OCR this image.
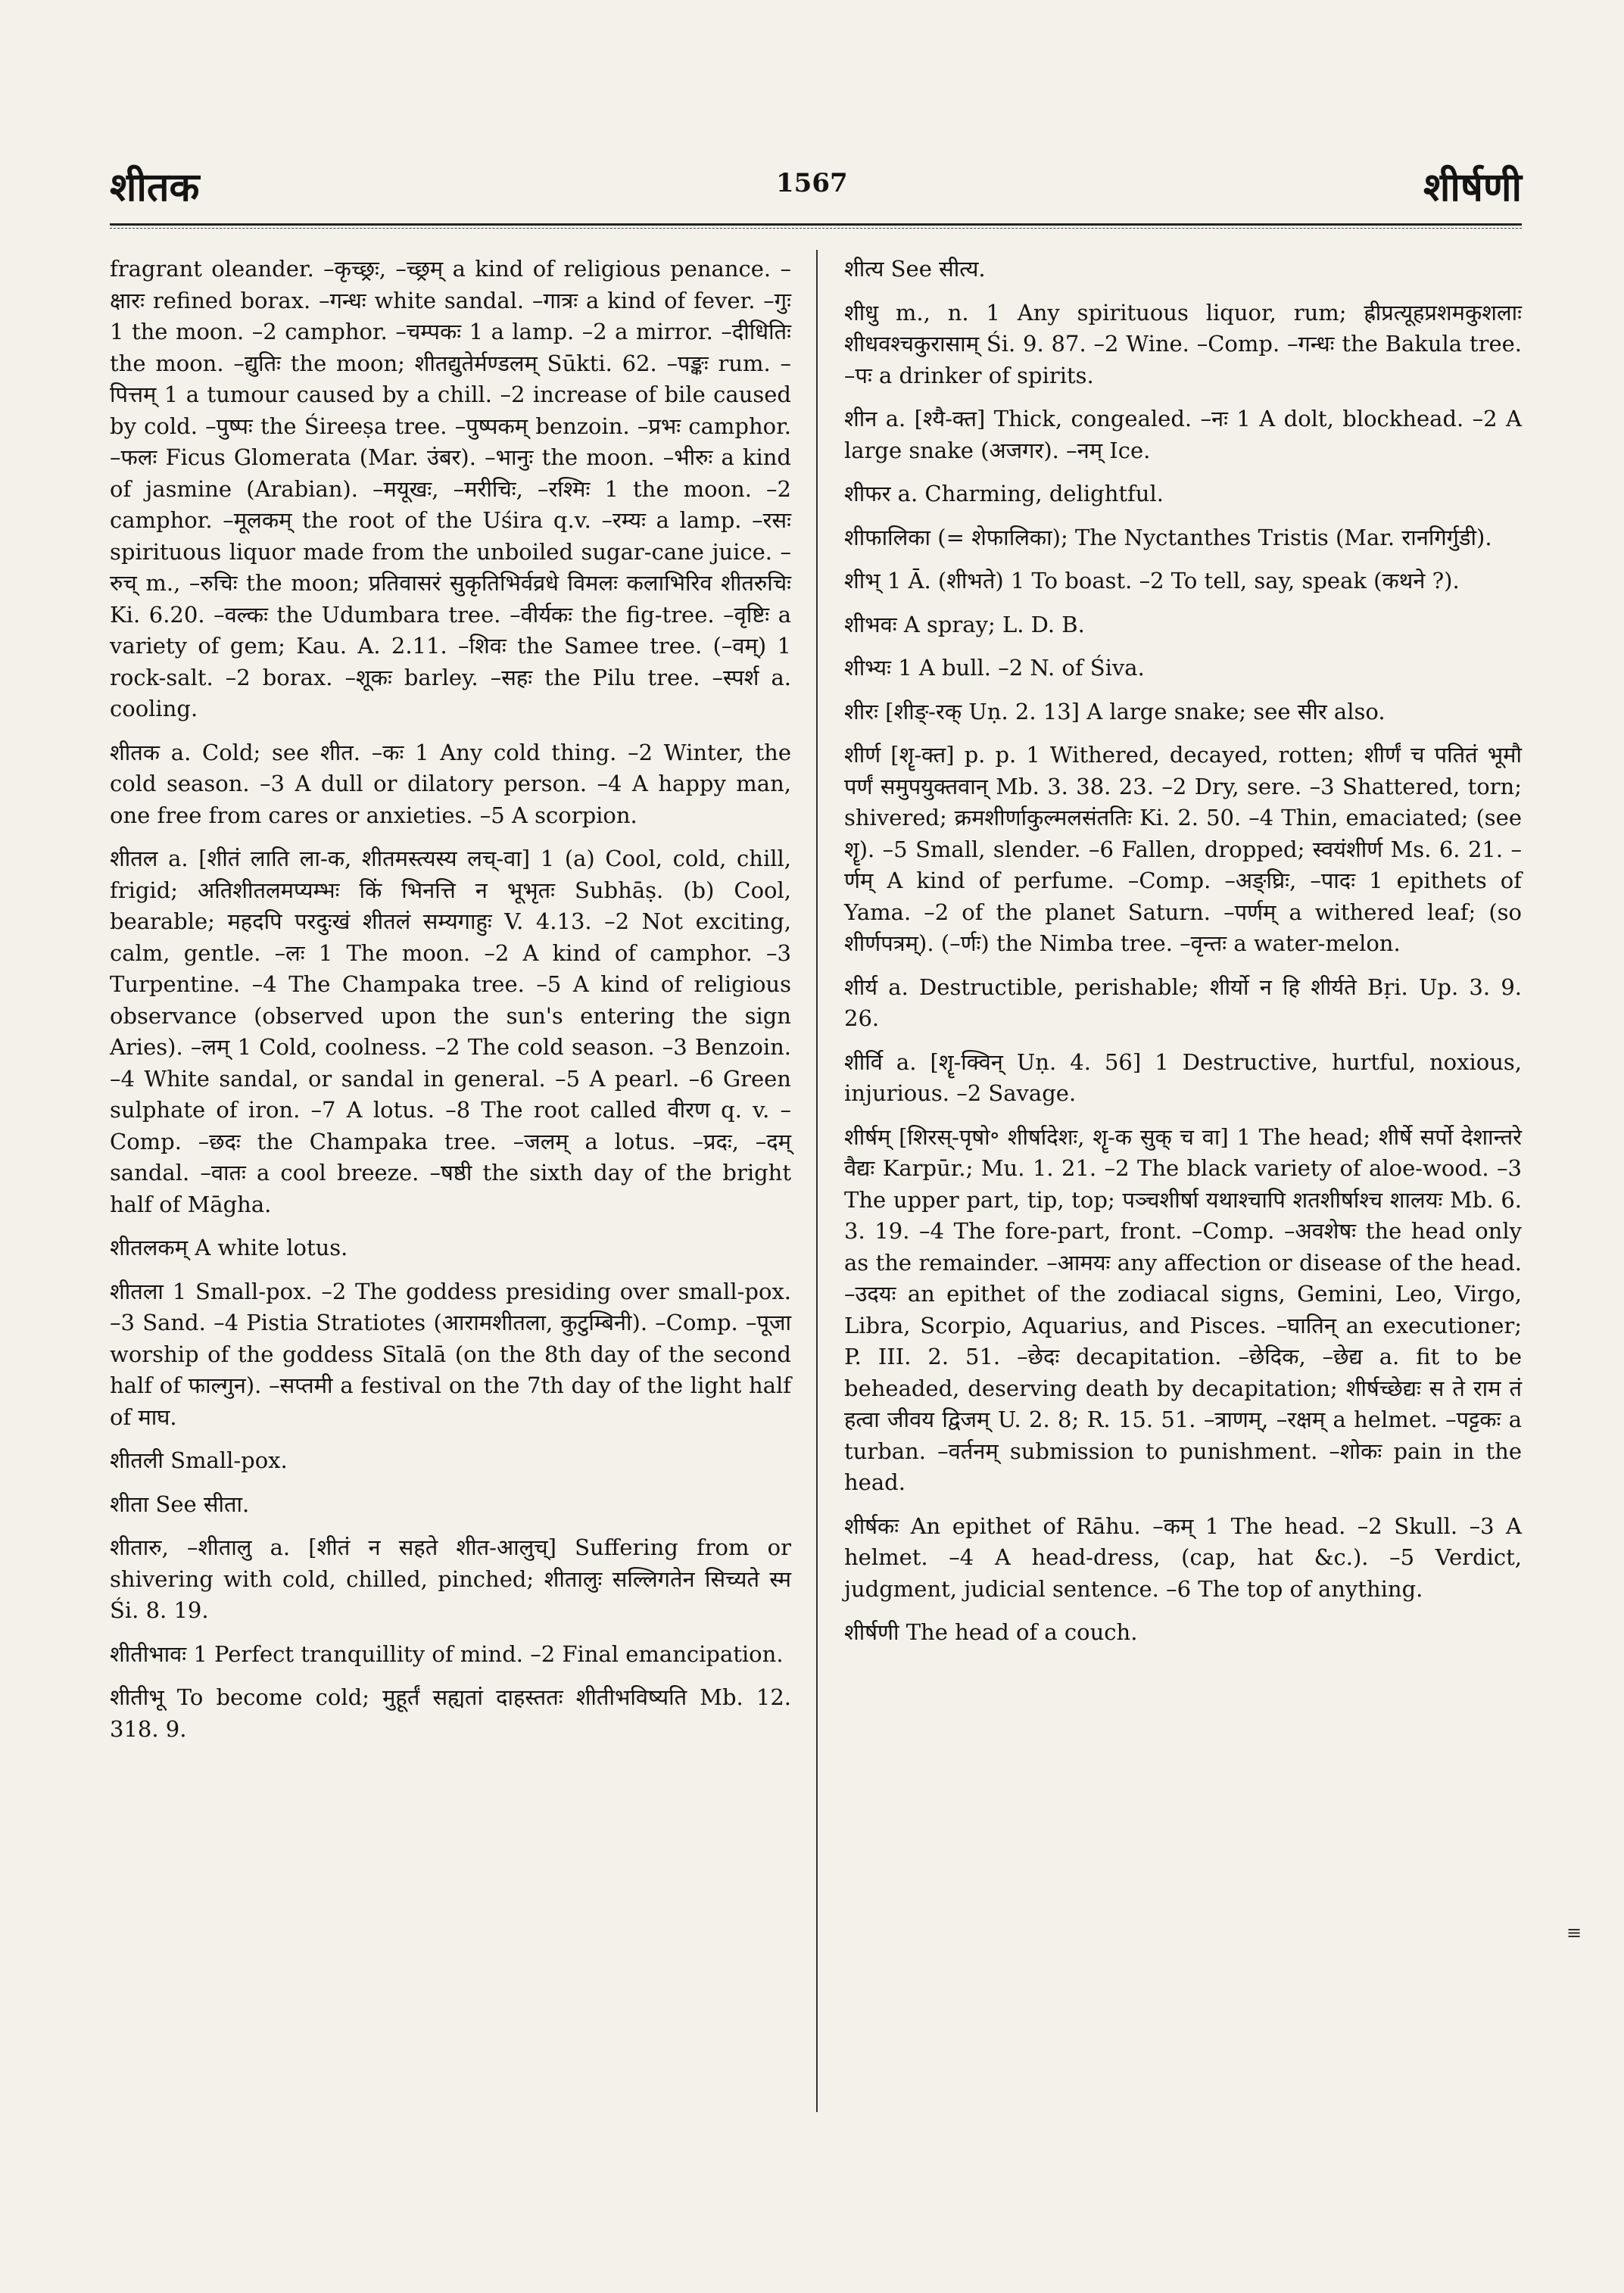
शीतक	1567	शीर्षणी

fragrant oleander. –कृच्छ्रः, –च्छ्रम् a kind of religious penance. –क्षारः refined borax. –गन्धः white sandal. –गात्रः a kind of fever. –गुः 1 the moon. –2 camphor. –चम्पकः 1 a lamp. –2 a mirror. –दीधितिः the moon. –द्युतिः the moon; शीतद्युतेर्मण्डलम् Sūkti. 62. –पङ्कः rum. –पित्तम् 1 a tumour caused by a chill. –2 increase of bile caused by cold. –पुष्पः the Śireeṣa tree. –पुष्पकम् benzoin. –प्रभः camphor. –फलः Ficus Glomerata (Mar. उंबर). –भानुः the moon. –भीरुः a kind of jasmine (Arabian). –मयूखः, –मरीचिः, –रश्मिः 1 the moon. –2 camphor. –मूलकम् the root of the Uśira q.v. –रम्यः a lamp. –रसः spirituous liquor made from the unboiled sugar-cane juice. –रुच् m., –रुचिः the moon; प्रतिवासरं सुकृतिभिर्वव्रधे विमलः कलाभिरिव शीतरुचिः Ki. 6.20. –वल्कः the Udumbara tree. –वीर्यकः the fig-tree. –वृष्टिः a variety of gem; Kau. A. 2.11. –शिवः the Samee tree. (–वम्) 1 rock-salt. –2 borax. –शूकः barley. –सहः the Pilu tree. –स्पर्श a. cooling.

शीतक a. Cold; see शीत. –कः 1 Any cold thing. –2 Winter, the cold season. –3 A dull or dilatory person. –4 A happy man, one free from cares or anxieties. –5 A scorpion.

शीतल a. [शीतं लाति ला-क, शीतमस्त्यस्य लच्-वा] 1 (a) Cool, cold, chill, frigid; अतिशीतलमप्यम्भः किं भिनत्ति न भूभृतः Subhāṣ. (b) Cool, bearable; महदपि परदुःखं शीतलं सम्यगाहुः V. 4.13. –2 Not exciting, calm, gentle. –लः 1 The moon. –2 A kind of camphor. –3 Turpentine. –4 The Champaka tree. –5 A kind of religious observance (observed upon the sun's entering the sign Aries). –लम् 1 Cold, coolness. –2 The cold season. –3 Benzoin. –4 White sandal, or sandal in general. –5 A pearl. –6 Green sulphate of iron. –7 A lotus. –8 The root called वीरण q. v. –Comp. –छदः the Champaka tree. –जलम् a lotus. –प्रदः, –दम् sandal. –वातः a cool breeze. –षष्ठी the sixth day of the bright half of Māgha.

शीतलकम् A white lotus.

शीतला 1 Small-pox. –2 The goddess presiding over small-pox. –3 Sand. –4 Pistia Stratiotes (आरामशीतला, कुटुम्बिनी). –Comp. –पूजा worship of the goddess Sītalā (on the 8th day of the second half of फाल्गुन). –सप्तमी a festival on the 7th day of the light half of माघ.

शीतली Small-pox.

शीता See सीता.

शीतारु, –शीतालु a. [शीतं न सहते शीत-आलुच्] Suffering from or shivering with cold, chilled, pinched; शीतालुः सल्लिगतेन सिच्यते स्म Śi. 8. 19.

शीतीभावः 1 Perfect tranquillity of mind. –2 Final emancipation.

शीतीभू To become cold; मुहूर्तं सह्यतां दाहस्ततः शीतीभविष्यति Mb. 12. 318. 9.

शीत्य See सीत्य.

शीधु m., n. 1 Any spirituous liquor, rum; ह्रीप्रत्यूहप्रशमकुशलाः शीधवश्चकुरासाम् Śi. 9. 87. –2 Wine. –Comp. –गन्धः the Bakula tree. –पः a drinker of spirits.

शीन a. [श्यै-क्त] Thick, congealed. –नः 1 A dolt, blockhead. –2 A large snake (अजगर). –नम् Ice.

शीफर a. Charming, delightful.

शीफालिका (= शेफालिका); The Nyctanthes Tristis (Mar. रानगिर्गुडी).

शीभ् 1 Ā. (शीभते) 1 To boast. –2 To tell, say, speak (कथने ?).

शीभवः A spray; L. D. B.

शीभ्यः 1 A bull. –2 N. of Śiva.

शीरः [शीङ्-रक् Uṇ. 2. 13] A large snake; see सीर also.

शीर्ण [शॄ-क्त] p. p. 1 Withered, decayed, rotten; शीर्णं च पतितं भूमौ पर्णं समुपयुक्तवान् Mb. 3. 38. 23. –2 Dry, sere. –3 Shattered, torn; shivered; क्रमशीर्णाकुल्मलसंततिः Ki. 2. 50. –4 Thin, emaciated; (see शॄ). –5 Small, slender. –6 Fallen, dropped; स्वयंशीर्ण Ms. 6. 21. –र्णम् A kind of perfume. –Comp. –अङ्घ्रिः, –पादः 1 epithets of Yama. –2 of the planet Saturn. –पर्णम् a withered leaf; (so शीर्णपत्रम्). (–र्णः) the Nimba tree. –वृन्तः a water-melon.

शीर्य a. Destructible, perishable; शीर्यो न हि शीर्यते Bṛi. Up. 3. 9. 26.

शीर्वि a. [शॄ-क्विन् Uṇ. 4. 56] 1 Destructive, hurtful, noxious, injurious. –2 Savage.

शीर्षम् [शिरस्-पृषो॰ शीर्षादेशः, शॄ-क सुक् च वा] 1 The head; शीर्षे सर्पो देशान्तरे वैद्यः Karpūr.; Mu. 1. 21. –2 The black variety of aloe-wood. –3 The upper part, tip, top; पञ्चशीर्षा यथाश्चापि शतशीर्षाश्च शालयः Mb. 6. 3. 19. –4 The fore-part, front. –Comp. –अवशेषः the head only as the remainder. –आमयः any affection or disease of the head. –उदयः an epithet of the zodiacal signs, Gemini, Leo, Virgo, Libra, Scorpio, Aquarius, and Pisces. –घातिन् an executioner; P. III. 2. 51. –छेदः decapitation. –छेदिक, –छेद्य a. fit to be beheaded, deserving death by decapitation; शीर्षच्छेद्यः स ते राम तं हत्वा जीवय द्विजम् U. 2. 8; R. 15. 51. –त्राणम्, –रक्षम् a helmet. –पट्टकः a turban. –वर्तनम् submission to punishment. –शोकः pain in the head.

शीर्षकः An epithet of Rāhu. –कम् 1 The head. –2 Skull. –3 A helmet. –4 A head-dress, (cap, hat &c.). –5 Verdict, judgment, judicial sentence. –6 The top of anything.

शीर्षणी The head of a couch.

≡
